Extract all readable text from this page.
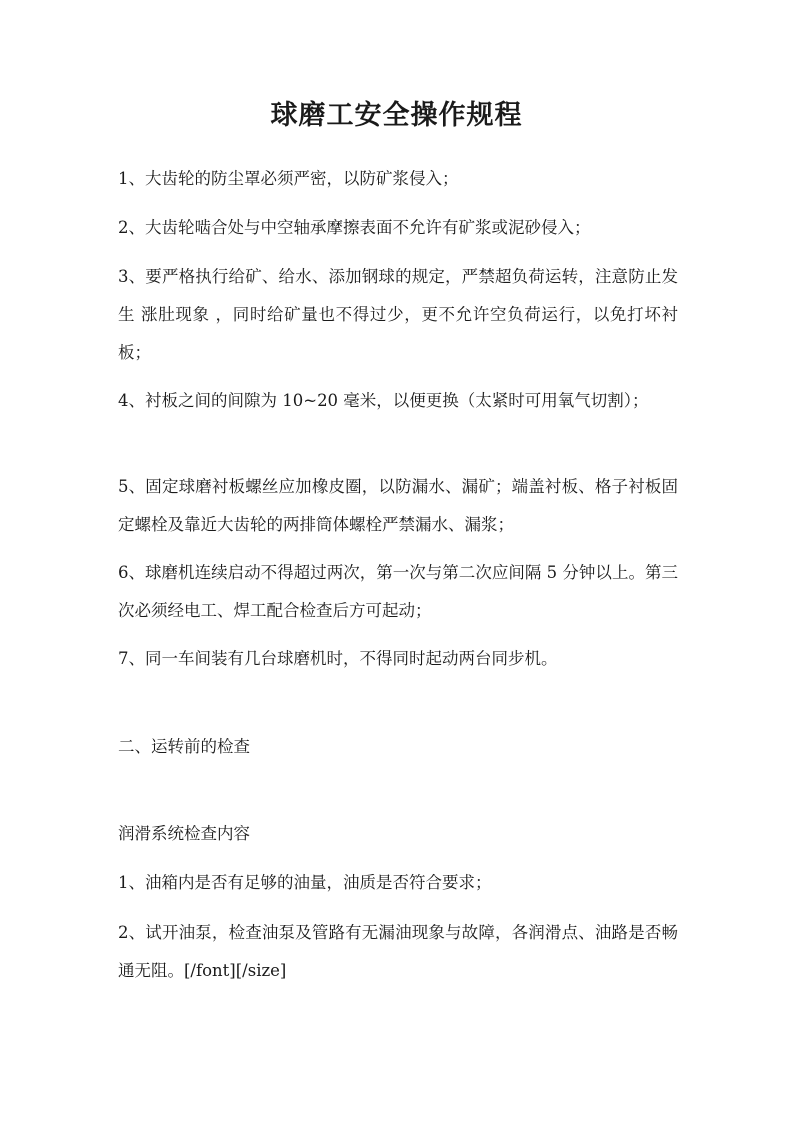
球磨工安全操作规程
1、大齿轮的防尘罩必须严密，以防矿浆侵入；
2、大齿轮啮合处与中空轴承摩擦表面不允许有矿浆或泥砂侵入；
3、要严格执行给矿、给水、添加钢球的规定，严禁超负荷运转，注意防止发生 涨肚现象 ，同时给矿量也不得过少，更不允许空负荷运行，以免打坏衬板；
4、衬板之间的间隙为 10~20 毫米，以便更换（太紧时可用氧气切割）；
5、固定球磨衬板螺丝应加橡皮圈，以防漏水、漏矿；端盖衬板、格子衬板固定螺栓及靠近大齿轮的两排筒体螺栓严禁漏水、漏浆；
6、球磨机连续启动不得超过两次，第一次与第二次应间隔 5 分钟以上。第三次必须经电工、焊工配合检查后方可起动；
7、同一车间装有几台球磨机时，不得同时起动两台同步机。
二、运转前的检查
润滑系统检查内容
1、油箱内是否有足够的油量，油质是否符合要求；
2、试开油泵，检查油泵及管路有无漏油现象与故障，各润滑点、油路是否畅通无阻。[/font][/size]
